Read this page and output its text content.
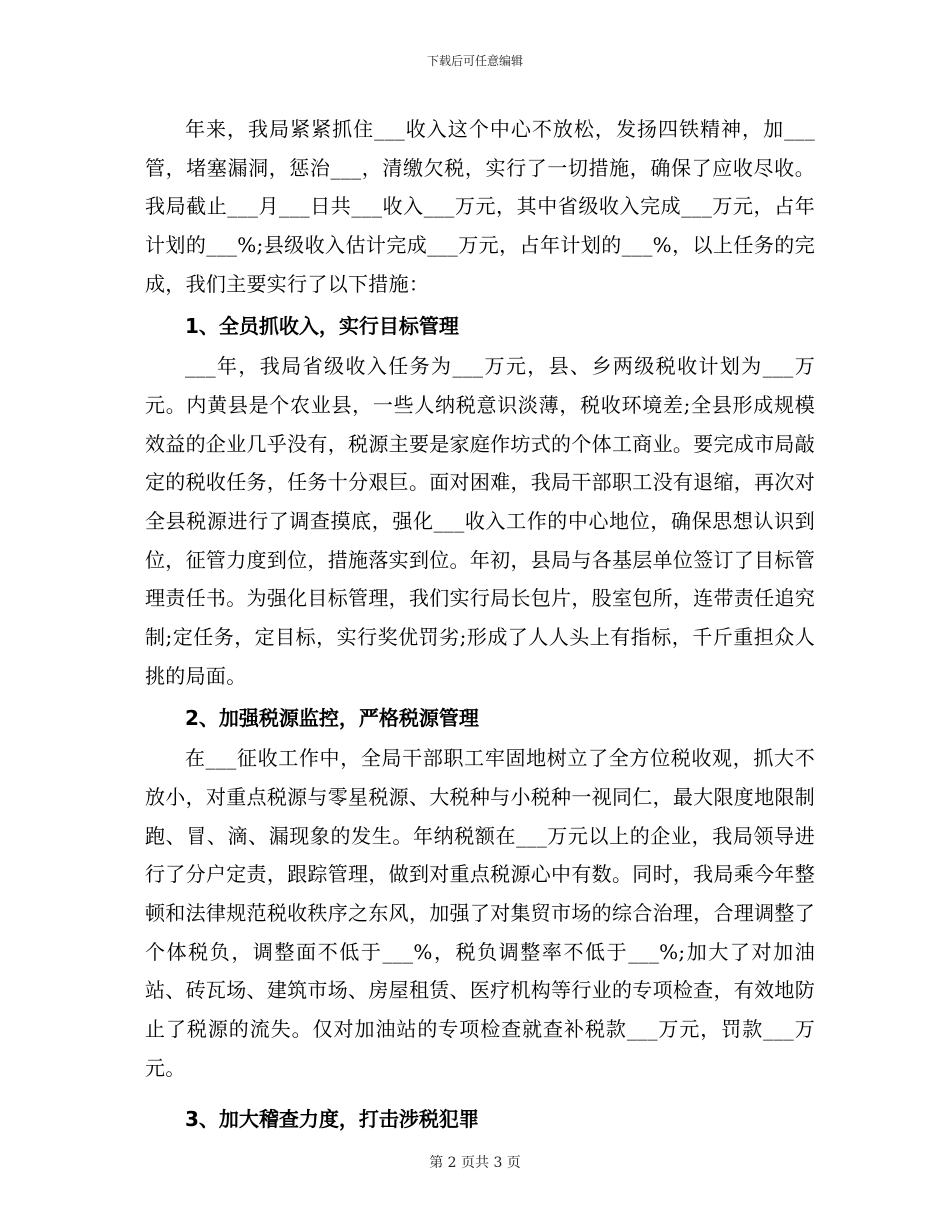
下载后可任意编辑

年来，我局紧紧抓住___收入这个中心不放松，发扬四铁精神，加___管，堵塞漏洞，惩治___，清缴欠税，实行了一切措施，确保了应收尽收。我局截止___月___日共___收入___万元，其中省级收入完成___万元，占年计划的___%;县级收入估计完成___万元，占年计划的___%，以上任务的完成，我们主要实行了以下措施：

1、全员抓收入，实行目标管理

___年，我局省级收入任务为___万元，县、乡两级税收计划为___万元。内黄县是个农业县，一些人纳税意识淡薄，税收环境差;全县形成规模效益的企业几乎没有，税源主要是家庭作坊式的个体工商业。要完成市局敲定的税收任务，任务十分艰巨。面对困难，我局干部职工没有退缩，再次对全县税源进行了调查摸底，强化___收入工作的中心地位，确保思想认识到位，征管力度到位，措施落实到位。年初，县局与各基层单位签订了目标管理责任书。为强化目标管理，我们实行局长包片，股室包所，连带责任追究制;定任务，定目标，实行奖优罚劣;形成了人人头上有指标，千斤重担众人挑的局面。

2、加强税源监控，严格税源管理

在___征收工作中，全局干部职工牢固地树立了全方位税收观，抓大不放小，对重点税源与零星税源、大税种与小税种一视同仁，最大限度地限制跑、冒、滴、漏现象的发生。年纳税额在___万元以上的企业，我局领导进行了分户定责，跟踪管理，做到对重点税源心中有数。同时，我局乘今年整顿和法律规范税收秩序之东风，加强了对集贸市场的综合治理，合理调整了个体税负，调整面不低于___%，税负调整率不低于___%;加大了对加油站、砖瓦场、建筑市场、房屋租赁、医疗机构等行业的专项检查，有效地防止了税源的流失。仅对加油站的专项检查就查补税款___万元，罚款___万元。

3、加大稽查力度，打击涉税犯罪
第 2 页共 3 页
